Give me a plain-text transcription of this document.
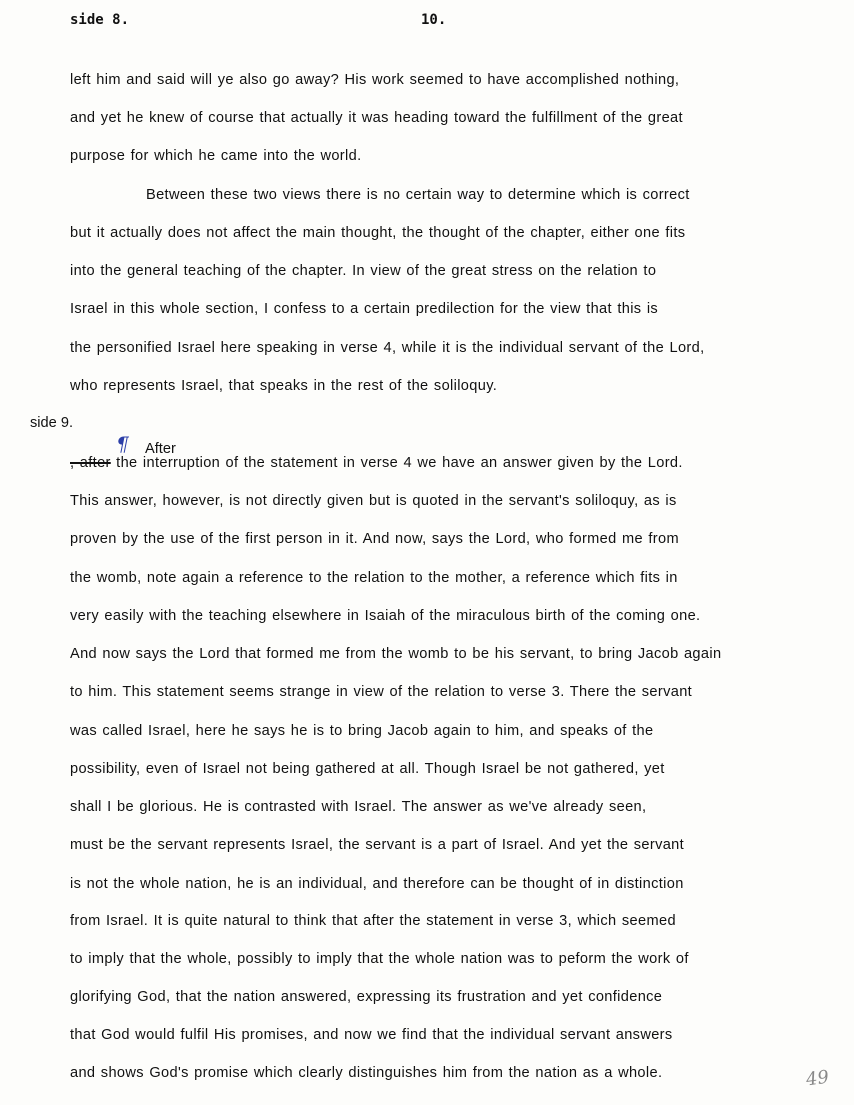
side 8.	10.
left him and said will ye also go away? His work seemed to have accomplished nothing,
and yet he knew of course that actually it was heading toward the fulfillment of the great
purpose for which he came into the world.
Between these two views there is no certain way to determine which is correct
but it actually does not affect the main thought, the thought of the chapter, either one fits
into the general teaching of the chapter. In view of the great stress on the relation to
Israel in this whole section, I confess to a certain predilection for the view that this is
the personified Israel here speaking in verse 4, while it is the individual servant of the Lord,
who represents Israel, that speaks in the rest of the soliloquy.
side 9.
¶ After
, after the interruption of the statement in verse 4 we have an answer given by the Lord.
This answer, however, is not directly given but is quoted in the servant's soliloquy, as is
proven by the use of the first person in it. And now, says the Lord, who formed me from
the womb, note again a reference to the relation to the mother, a reference which fits in
very easily with the teaching elsewhere in Isaiah of the miraculous birth of the coming one.
And now says the Lord that formed me from the womb to be his servant, to bring Jacob again
to him. This statement seems strange in view of the relation to verse 3. There the servant
was called Israel, here he says he is to bring Jacob again to him, and speaks of the
possibility, even of Israel not being gathered at all. Though Israel be not gathered, yet
shall I be glorious. He is contrasted with Israel. The answer as we've already seen,
must be the servant represents Israel, the servant is a part of Israel. And yet the servant
is not the whole nation, he is an individual, and therefore can be thought of in distinction
from Israel. It is quite natural to think that after the statement in verse 3, which seemed
to imply that the whole, possibly to imply that the whole nation was to peform the work of
glorifying God, that the nation answered, expressing its frustration and yet confidence
that God would fulfil His promises, and now we find that the individual servant answers
and shows God's promise which clearly distinguishes him from the nation as a whole.	49
